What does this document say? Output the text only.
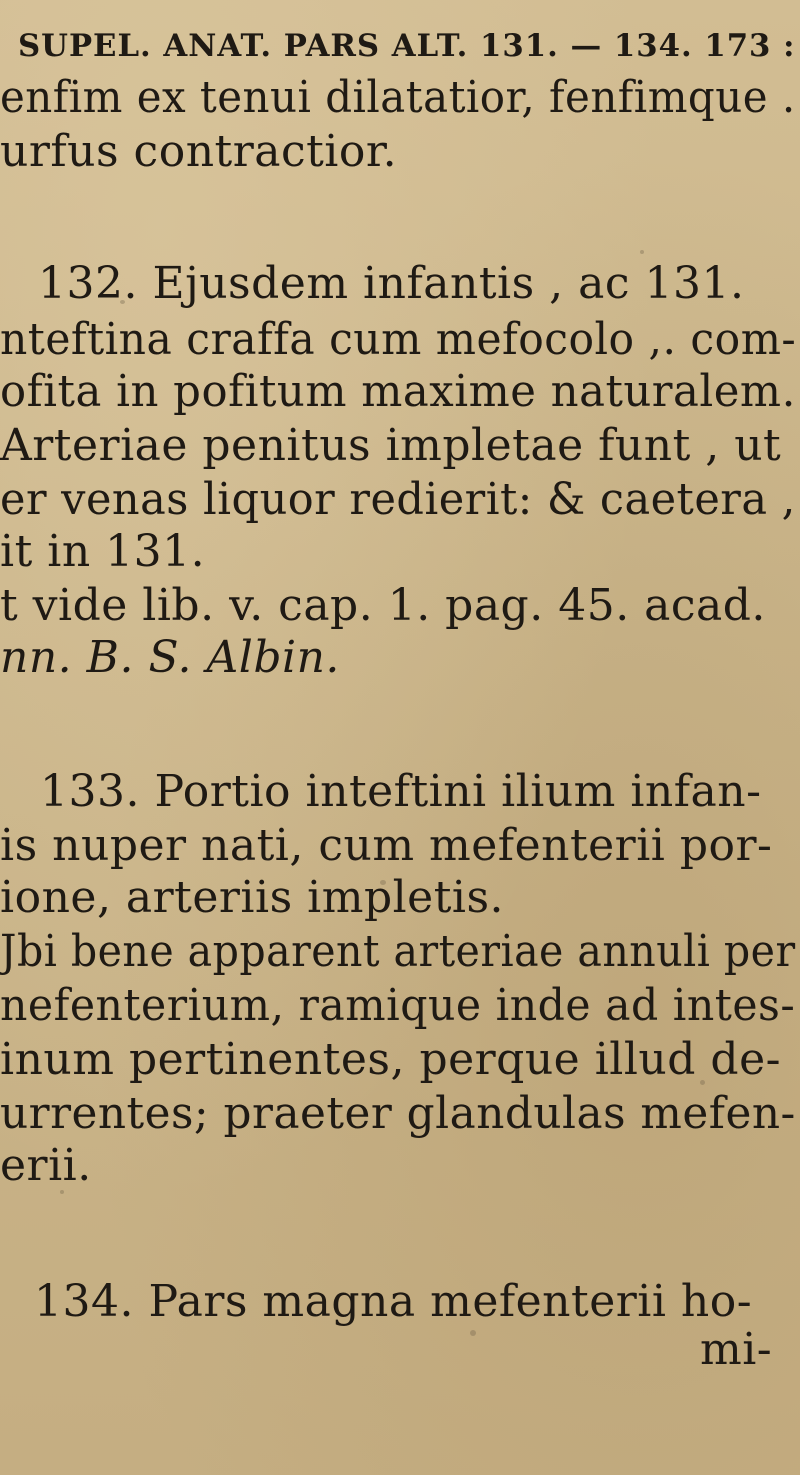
SUPEL. ANAT. PARS ALT. 131. — 134. 173 :
enfim ex tenui dilatatior, fenfimque .
urfus contractior.
132. Ejusdem infantis , ac 131.
nteftina craffa cum mefocolo ,. com-
ofita in pofitum maxime naturalem.
Arteriae penitus impletae funt , ut
er venas liquor redierit: & caetera ,
it in 131.
t vide lib. v. cap. 1. pag. 45. acad.
nn. B. S. Albin.
133. Portio inteftini ilium infan-
is nuper nati, cum mefenterii por-
ione, arteriis impletis.
Jbi bene apparent arteriae annuli per
nefenterium, ramique inde ad intes-
inum pertinentes, perque illud de-
urrentes; praeter glandulas mefen-
erii.
134. Pars magna mefenterii ho-
mi-
